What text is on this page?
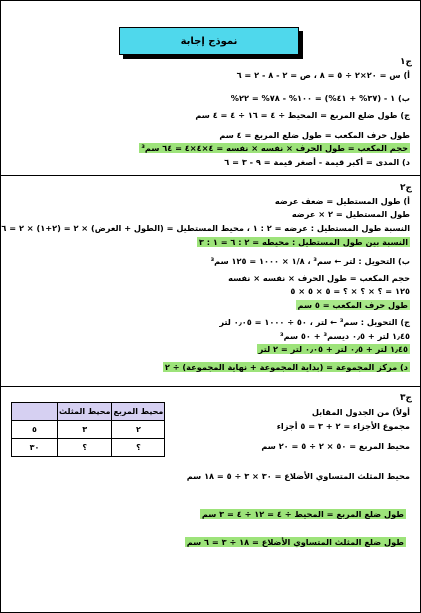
نموذج إجابة
ج١
أ) س = ٢٠×٢ ÷ ٥ = ٨ ، ص = ٢ - ٨ - ٢ = ٦
ب) ١ - (٣٧% + ٤١%) = ١٠٠% - ٧٨% = ٢٢%
ج) طول ضلع المربع = المحيط ÷ ٤ = ١٦ ÷ ٤ = ٤ سم
طول حرف المكعب = طول ضلع المربع = ٤ سم
حجم المكعب = طول الحرف × نفسه × نفسه = ٤×٤×٤ = ٦٤ سم³
د) المدى = أكبر قيمة - أصغر قيمة = ٩ - ٣ = ٦
ج٢
أ) طول المستطيل = ضعف عرضه
طول المستطيل = ٢ × عرضه
النسبة طول المستطيل : عرضه = ٢ : ١ ، محيط المستطيل = (الطول + العرض) × ٢ = (٢+١) × ٢ = ٦
النسبة بين طول المستطيل : محيطه = ٢ : ٦ = ١ : ٣
ب) التحويل : لتر ← سم³ ، ١/٨ × ١٠٠٠ = ١٢٥ سم³
حجم المكعب = طول الحرف × نفسه × نفسه
١٢٥ = ؟ × ؟ × ؟ = ٥ × ٥ × ٥
طول حرف المكعب = ٥ سم
ج) التحويل : سم³ ← لتر ، ٥٠ ÷ ١٠٠٠ = ٠٫٠٥ لتر
١٫٤٥ لتر + ٠٫٥ ديسم³ + ٥٠ سم³
١٫٤٥ لتر + ٠٫٥ لتر + ٠٫٠٥ لتر = ٢ لتر
د) مركز المجموعة = (بداية المجموعة + نهاية المجموعة) ÷ ٢
ج٣
أولاً) من الجدول المقابل
مجموع الأجزاء = ٢ + ٣ = ٥ أجزاء
محيط المربع = ٥٠ × ٢ ÷ ٥ = ٢٠ سم
محيط المثلث المتساوي الأضلاع = ٣٠ × ٣ ÷ ٥ = ١٨ سم
	محيط المثلث	محيط المربع
٥	٣	٢
٣٠	؟	؟
طول ضلع المربع = المحيط ÷ ٤ = ١٢ ÷ ٤ = ٣ سم
طول ضلع المثلث المتساوي الأضلاع = ١٨ ÷ ٣ = ٦ سم
